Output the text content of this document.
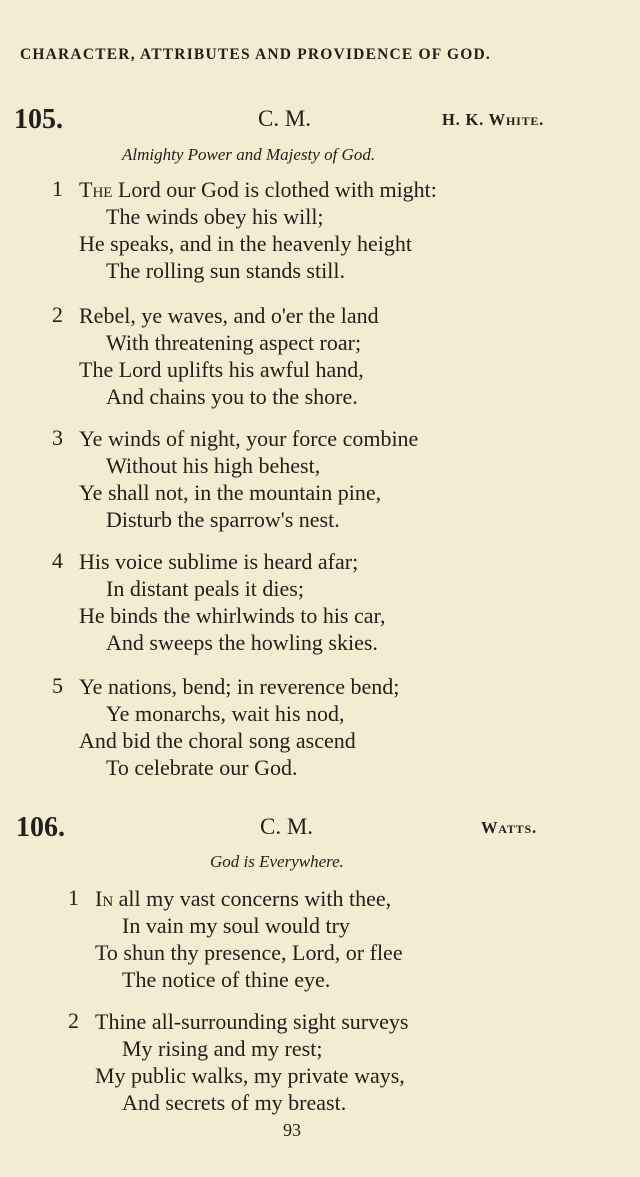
CHARACTER, ATTRIBUTES AND PROVIDENCE OF GOD.
105.	C. M.	H. K. White.
Almighty Power and Majesty of God.
1 The Lord our God is clothed with might:
The winds obey his will;
He speaks, and in the heavenly height
The rolling sun stands still.
2 Rebel, ye waves, and o'er the land
With threatening aspect roar;
The Lord uplifts his awful hand,
And chains you to the shore.
3 Ye winds of night, your force combine
Without his high behest,
Ye shall not, in the mountain pine,
Disturb the sparrow's nest.
4 His voice sublime is heard afar;
In distant peals it dies;
He binds the whirlwinds to his car,
And sweeps the howling skies.
5 Ye nations, bend; in reverence bend;
Ye monarchs, wait his nod,
And bid the choral song ascend
To celebrate our God.
106.	C. M.	Watts.
God is Everywhere.
1 In all my vast concerns with thee,
In vain my soul would try
To shun thy presence, Lord, or flee
The notice of thine eye.
2 Thine all-surrounding sight surveys
My rising and my rest;
My public walks, my private ways,
And secrets of my breast.
93
